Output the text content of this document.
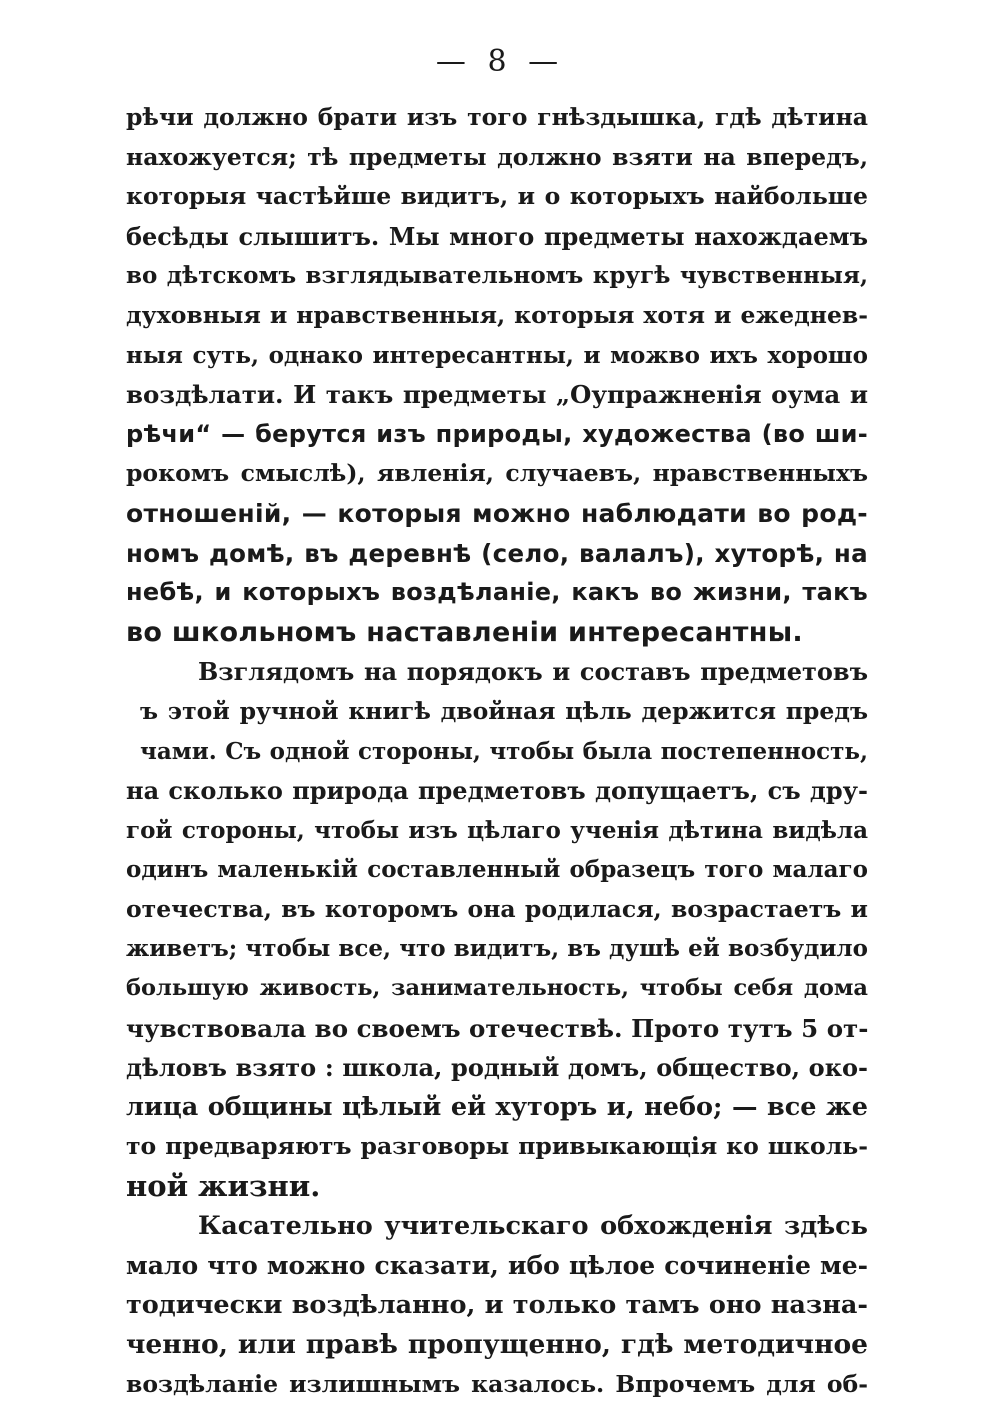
— 8 —
рѣчи должно брати изъ того гнѣздышка, гдѣ дѣтина
нахожуется; тѣ предметы должно взяти на впередъ,
которыя частѣйше видитъ, и о которыхъ найбольше
бесѣды слышитъ. Мы много предметы нахождаемъ
во дѣтскомъ взглядывательномъ кругѣ чувственныя,
духовныя и нравственныя, которыя хотя и ежеднев-
ныя суть, однако интересантны, и можво ихъ хорошо
воздѣлати. И такъ предметы „Оупражненія оума и
рѣчи“ — берутся изъ природы, художества (во ши-
рокомъ смыслѣ), явленія, случаевъ, нравственныхъ
отношеній, — которыя можно наблюдати во род-
номъ домѣ, въ деревнѣ (село, валалъ), хуторѣ, на
небѣ, и которыхъ воздѣланіе, какъ во жизни, такъ
во школьномъ наставленіи интересантны.
Взглядомъ на порядокъ и составъ предметовъ
ъ этой ручной книгѣ двойная цѣль держится предъ
чами. Съ одной стороны, чтобы была постепенность,
на сколько природа предметовъ допущаетъ, съ дру-
гой стороны, чтобы изъ цѣлаго ученія дѣтина видѣла
одинъ маленькій составленный образецъ того малаго
отечества, въ которомъ она родилася, возрастаетъ и
живетъ; чтобы все, что видитъ, въ душѣ ей возбудило
большую живость, занимательность, чтобы себя дома
чувствовала во своемъ отечествѣ. Прото тутъ 5 от-
дѣловъ взято : школа, родный домъ, общество, око-
лица общины цѣлый ей хуторъ и, небо; — все же
то предваряютъ разговоры привыкающія ко школь-
ной жизни.
Касательно учительскаго обхожденія здѣсь
мало что можно сказати, ибо цѣлое сочиненіе ме-
тодически воздѣланно, и только тамъ оно назна-
ченно, или правѣ пропущенно, гдѣ методичное
воздѣланіе излишнымъ казалось. Впрочемъ для об-
